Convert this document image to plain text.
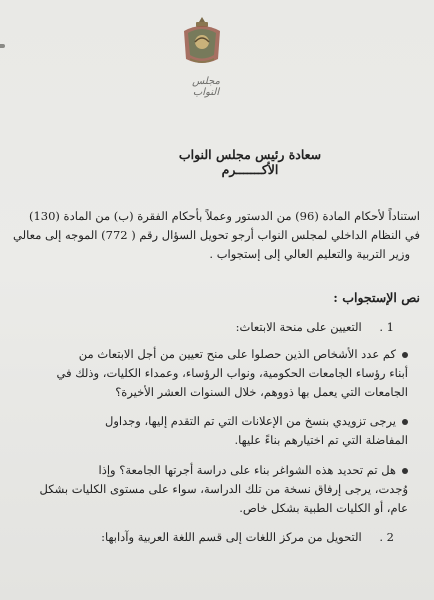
مجلس النواب
سعادة رئيس مجلس النواب الأكـــــــرم
استناداً لأحكام المادة (96) من الدستور وعملاً بأحكام الفقرة (ب) من المادة (130)
في النظام الداخلي لمجلس النواب أرجو تحويل السؤال رقم ( 772) الموجه إلى معالي
وزير التربية والتعليم العالي إلى إستجواب .
نص الإستجواب :
1 . التعيين على منحة الابتعاث:
كم عدد الأشخاص الذين حصلوا على منح تعيين من أجل الابتعاث من
أبناء رؤساء الجامعات الحكومية، ونواب الرؤساء، وعمداء الكليات، وذلك في
الجامعات التي يعمل بها ذووهم، خلال السنوات العشر الأخيرة؟
يرجى تزويدي بنسخ من الإعلانات التي تم التقدم إليها، وجداول
المفاضلة التي تم اختيارهم بناءً عليها.
هل تم تحديد هذه الشواغر بناء على دراسة أجرتها الجامعة؟ وإذا
وُجدت، يرجى إرفاق نسخة من تلك الدراسة، سواء على مستوى الكليات بشكل
عام، أو الكليات الطبية بشكل خاص.
2 . التحويل من مركز اللغات إلى قسم اللغة العربية وآدابها:
